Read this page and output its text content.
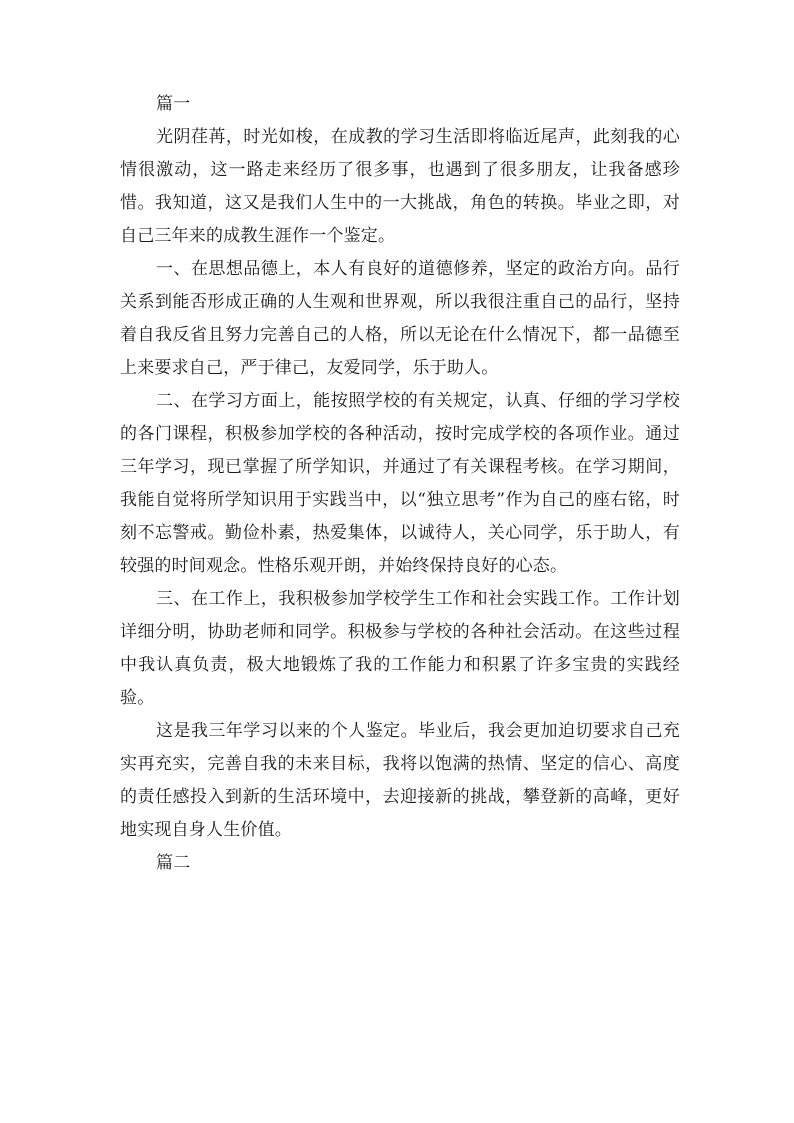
篇一

光阴荏苒，时光如梭，在成教的学习生活即将临近尾声，此刻我的心情很激动，这一路走来经历了很多事，也遇到了很多朋友，让我备感珍惜。我知道，这又是我们人生中的一大挑战，角色的转换。毕业之即，对自己三年来的成教生涯作一个鉴定。

一、在思想品德上，本人有良好的道德修养，坚定的政治方向。品行关系到能否形成正确的人生观和世界观，所以我很注重自己的品行，坚持着自我反省且努力完善自己的人格，所以无论在什么情况下，都一品德至上来要求自己，严于律己，友爱同学，乐于助人。

二、在学习方面上，能按照学校的有关规定，认真、仔细的学习学校的各门课程，积极参加学校的各种活动，按时完成学校的各项作业。通过三年学习，现已掌握了所学知识，并通过了有关课程考核。在学习期间，我能自觉将所学知识用于实践当中，以“独立思考”作为自己的座右铭，时刻不忘警戒。勤俭朴素，热爱集体，以诚待人，关心同学，乐于助人，有较强的时间观念。性格乐观开朗，并始终保持良好的心态。

三、在工作上，我积极参加学校学生工作和社会实践工作。工作计划详细分明，协助老师和同学。积极参与学校的各种社会活动。在这些过程中我认真负责，极大地锻炼了我的工作能力和积累了许多宝贵的实践经验。

这是我三年学习以来的个人鉴定。毕业后，我会更加迫切要求自己充实再充实，完善自我的未来目标，我将以饱满的热情、坚定的信心、高度的责任感投入到新的生活环境中，去迎接新的挑战，攀登新的高峰，更好地实现自身人生价值。

篇二
